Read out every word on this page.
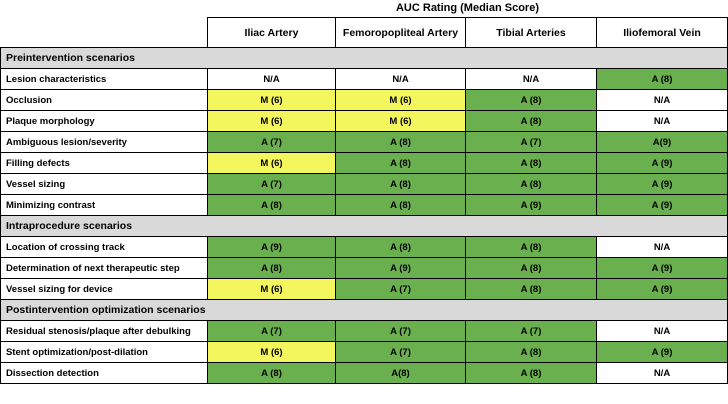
AUC Rating (Median Score)
	Iliac Artery	Femoropopliteal Artery	Tibial Arteries	Iliofemoral Vein
Preintervention scenarios				
Lesion characteristics	N/A	N/A	N/A	A (8)
Occlusion	M (6)	M (6)	A (8)	N/A
Plaque morphology	M (6)	M (6)	A (8)	N/A
Ambiguous lesion/severity	A (7)	A (8)	A (7)	A(9)
Filling defects	M (6)	A (8)	A (8)	A (9)
Vessel sizing	A (7)	A (8)	A (8)	A (9)
Minimizing contrast	A (8)	A (8)	A (9)	A (9)
Intraprocedure scenarios				
Location of crossing track	A (9)	A (8)	A (8)	N/A
Determination of next therapeutic step	A (8)	A (9)	A (8)	A (9)
Vessel sizing for device	M (6)	A (7)	A (8)	A (9)
Postintervention optimization scenarios				
Residual stenosis/plaque after debulking	A (7)	A (7)	A (7)	N/A
Stent optimization/post-dilation	M (6)	A (7)	A (8)	A (9)
Dissection detection	A (8)	A(8)	A (8)	N/A
